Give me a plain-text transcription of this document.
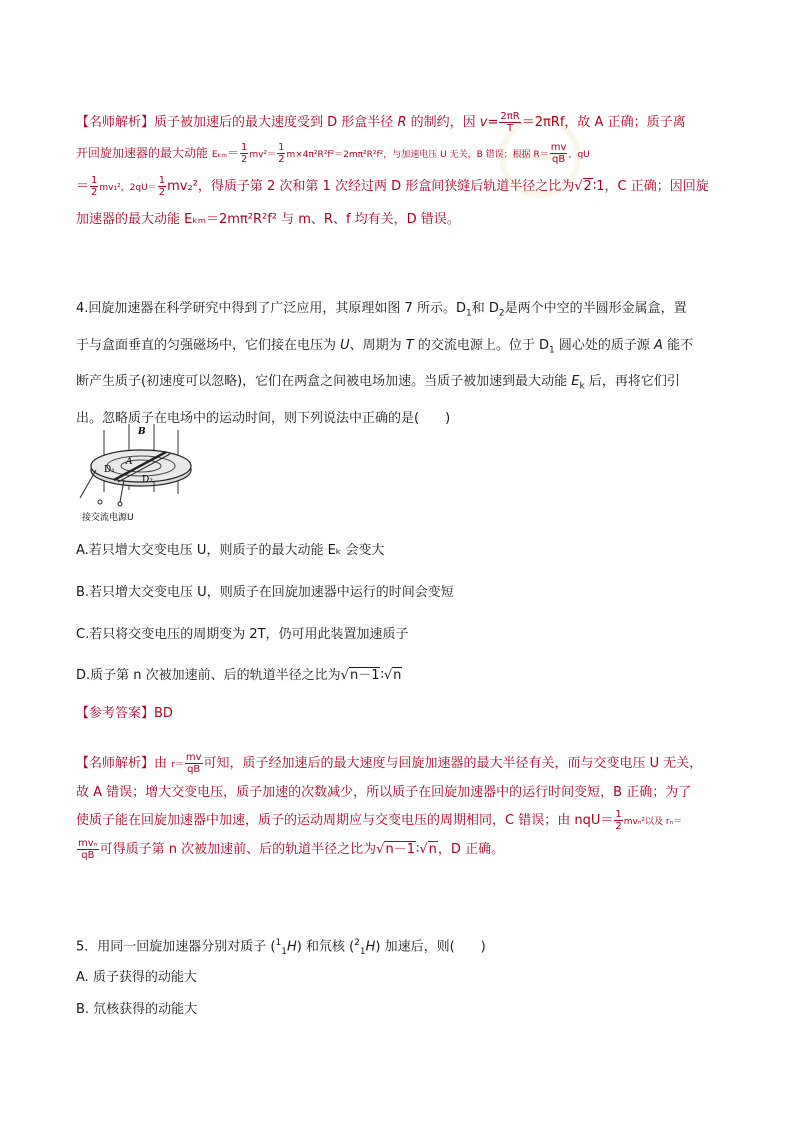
【名师解析】质子被加速后的最大速度受到 D 形盒半径 R 的制约，因 $v= \frac{2\pi R}{T} =2\pi Rf$，故 A 正确；质子离

开回旋加速器的最大动能 $E_{km}= \frac{1}{2} mv^2= \frac{1}{2} m\times 4\pi^2R^2f^2=2m\pi^2R^2f^2$，与加速电压 U 无关，B 错误；根据 $R= \frac{mv}{qB}$ ，qU

＝ $\frac{1}{2} mv_1^2$，$2qU= \frac{1}{2} mv_2^2$，得质子第 2 次和第 1 次经过两 D 形盒间狭缝后轨道半径之比为√2∶1，C 正确；因回旋

加速器的最大动能 Eₖₘ＝2mπ²R²f² 与 m、R、f 均有关，D 错误。

4.回旋加速器在科学研究中得到了广泛应用，其原理如图 7 所示。$D_1$和 $D_2$是两个中空的半圆形金属盒，置

于与盒面垂直的匀强磁场中，它们接在电压为 U、周期为 T 的交流电源上。位于 $D_1$ 圆心处的质子源 A 能不

断产生质子(初速度可以忽略)，它们在两盒之间被电场加速。当质子被加速到最大动能 $E_k$ 后，再将它们引

出。忽略质子在电场中的运动时间，则下列说法中正确的是(　　)

B
A
D₁
D₂
接交流电源U
A.若只增大交变电压 U，则质子的最大动能 Eₖ 会变大
B.若只增大交变电压 U，则质子在回旋加速器中运行的时间会变短
C.若只将交变电压的周期变为 2T，仍可用此装置加速质子
D.质子第 n 次被加速前、后的轨道半径之比为√n－1∶√n
【参考答案】BD

【名师解析】由 $r= \frac{mv}{qB}$ 可知，质子经加速后的最大速度与回旋加速器的最大半径有关，而与交变电压 U 无关，

故 A 错误；增大交变电压，质子加速的次数减少，所以质子在回旋加速器中的运行时间变短，B 正确；为了

使质子能在回旋加速器中加速，质子的运动周期应与交变电压的周期相同，C 错误；由 $nqU= \frac{1}{2} mv_n^2$以及 rₙ＝

$\frac{\text{mvₙ}}{qB}$ 可得质子第 n 次被加速前、后的轨道半径之比为√n－1∶√n，D 正确。

5．用同一回旋加速器分别对质子 ($^1_1$H) 和氘核 ($^2_1$H) 加速后，则(　　)
A. 质子获得的动能大
B. 氘核获得的动能大
